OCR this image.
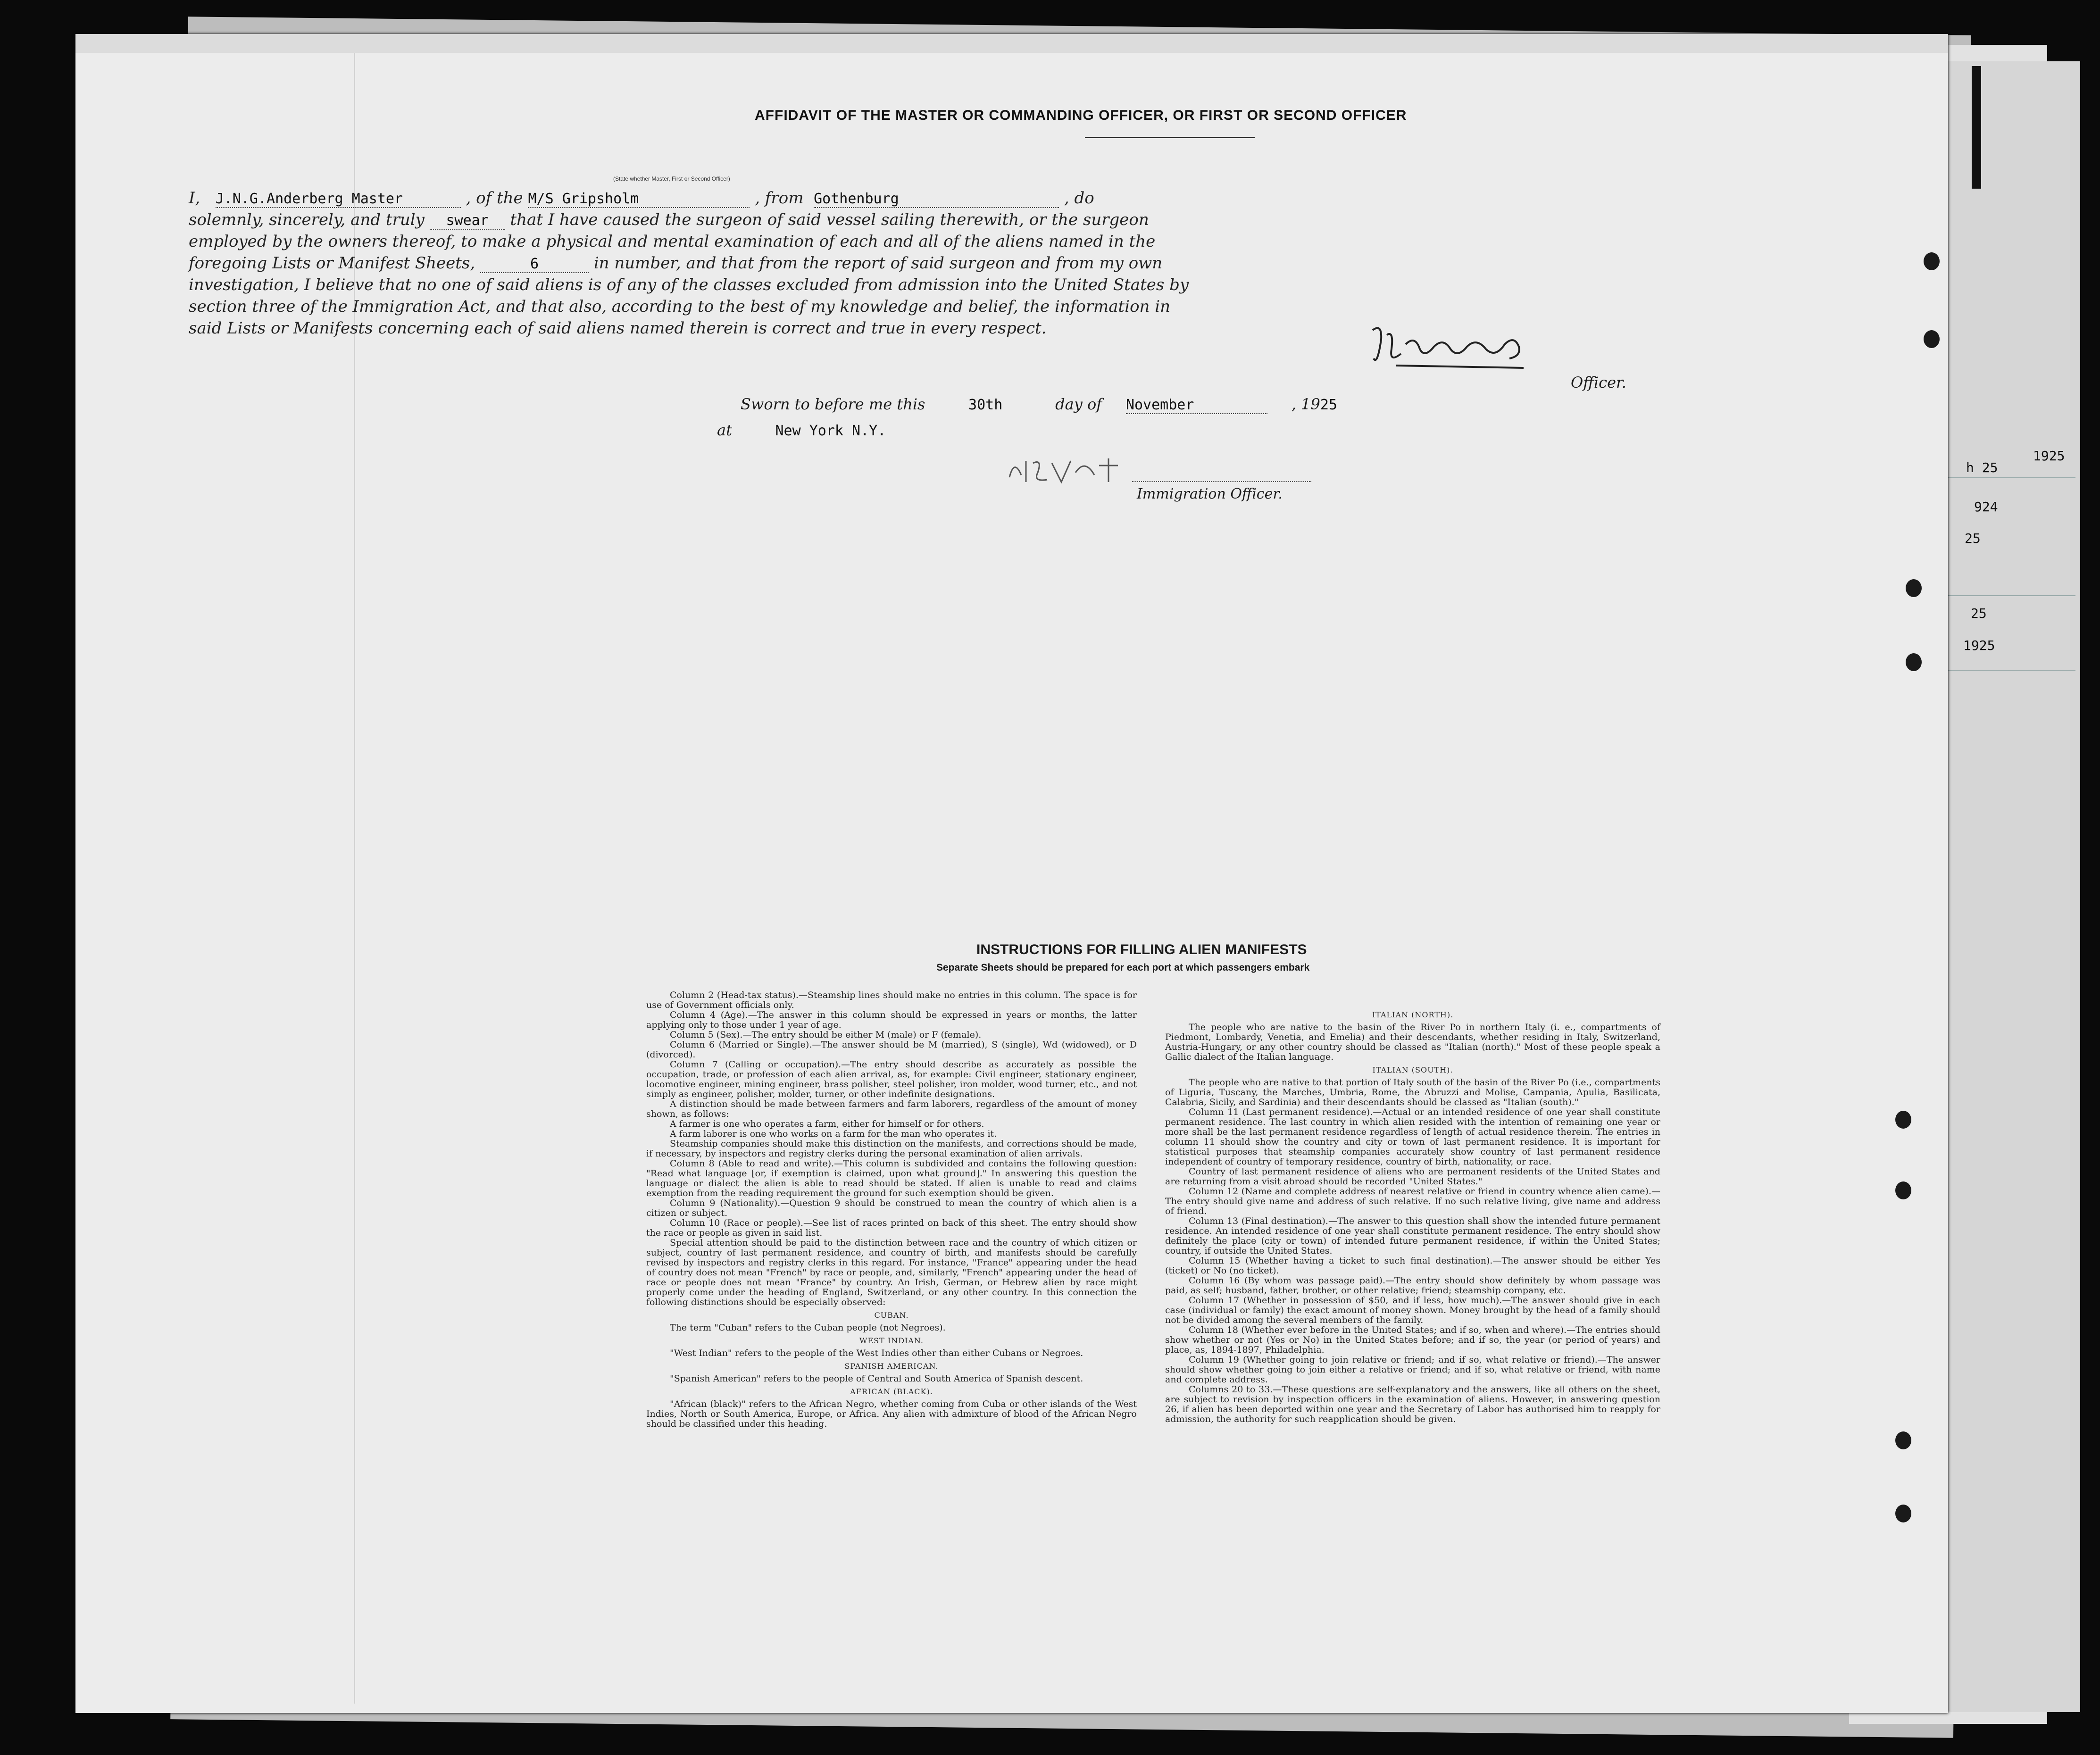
AFFIDAVIT OF THE MASTER OR COMMANDING OFFICER, OR FIRST OR SECOND OFFICER
I, J.N.G.Anderberg Master	, of the M/S Gripsholm	, from Gothenburg	, do
(State whether Master, First or Second Officer)
solemnly, sincerely, and truly swear that I have caused the surgeon of said vessel sailing therewith, or the surgeon
employed by the owners thereof, to make a physical and mental examination of each and all of the aliens named in the
foregoing Lists or Manifest Sheets,	6	in number, and that from the report of said surgeon and from my own
investigation, I believe that no one of said aliens is of any of the classes excluded from admission into the United States by
section three of the Immigration Act, and that also, according to the best of my knowledge and belief, the information in
said Lists or Manifests concerning each of said aliens named therein is correct and true in every respect.
Officer.
Sworn to before me this	30th	day of November	, 1925
at	New York N.Y.
Immigration Officer.
INSTRUCTIONS FOR FILLING ALIEN MANIFESTS
Separate Sheets should be prepared for each port at which passengers embark

Column 2 (Head-tax status).—Steamship lines should make no entries in this column. The space is for use of Government officials only.

Column 4 (Age).—The answer in this column should be expressed in years or months, the latter applying only to those under 1 year of age.

Column 5 (Sex).—The entry should be either M (male) or F (female).

Column 6 (Married or Single).—The answer should be M (married), S (single), Wd (widowed), or D (divorced).

Column 7 (Calling or occupation).—The entry should describe as accurately as possible the occupation, trade, or profession of each alien arrival, as, for example: Civil engineer, stationary engineer, locomotive engineer, mining engineer, brass polisher, steel polisher, iron molder, wood turner, etc., and not simply as engineer, polisher, molder, turner, or other indefinite designations.

A distinction should be made between farmers and farm laborers, regardless of the amount of money shown, as follows:

A farmer is one who operates a farm, either for himself or for others.

A farm laborer is one who works on a farm for the man who operates it.

Steamship companies should make this distinction on the manifests, and corrections should be made, if necessary, by inspectors and registry clerks during the personal examination of alien arrivals.

Column 8 (Able to read and write).—This column is subdivided and contains the following question: "Read what language [or, if exemption is claimed, upon what ground]." In answering this question the language or dialect the alien is able to read should be stated. If alien is unable to read and claims exemption from the reading requirement the ground for such exemption should be given.

Column 9 (Nationality).—Question 9 should be construed to mean the country of which alien is a citizen or subject.

Column 10 (Race or people).—See list of races printed on back of this sheet. The entry should show the race or people as given in said list.

Special attention should be paid to the distinction between race and the country of which citizen or subject, country of last permanent residence, and country of birth, and manifests should be carefully revised by inspectors and registry clerks in this regard. For instance, "France" appearing under the head of country does not mean "French" by race or people, and, similarly, "French" appearing under the head of race or people does not mean "France" by country. An Irish, German, or Hebrew alien by race might properly come under the heading of England, Switzerland, or any other country. In this connection the following distinctions should be especially observed:

CUBAN.

The term "Cuban" refers to the Cuban people (not Negroes).

WEST INDIAN.

"West Indian" refers to the people of the West Indies other than either Cubans or Negroes.

SPANISH AMERICAN.

"Spanish American" refers to the people of Central and South America of Spanish descent.

AFRICAN (BLACK).

"African (black)" refers to the African Negro, whether coming from Cuba or other islands of the West Indies, North or South America, Europe, or Africa. Any alien with admixture of blood of the African Negro should be classified under this heading.

ITALIAN (NORTH).

The people who are native to the basin of the River Po in northern Italy (i. e., compartments of Piedmont, Lombardy, Venetia, and Emelia) and their descendants, whether residing in Italy, Switzerland, Austria-Hungary, or any other country should be classed as "Italian (north)." Most of these people speak a Gallic dialect of the Italian language.

ITALIAN (SOUTH).

The people who are native to that portion of Italy south of the basin of the River Po (i.e., compartments of Liguria, Tuscany, the Marches, Umbria, Rome, the Abruzzi and Molise, Campania, Apulia, Basilicata, Calabria, Sicily, and Sardinia) and their descendants should be classed as "Italian (south)."

Column 11 (Last permanent residence).—Actual or an intended residence of one year shall constitute permanent residence. The last country in which alien resided with the intention of remaining one year or more shall be the last permanent residence regardless of length of actual residence therein. The entries in column 11 should show the country and city or town of last permanent residence. It is important for statistical purposes that steamship companies accurately show country of last permanent residence independent of country of temporary residence, country of birth, nationality, or race.

Country of last permanent residence of aliens who are permanent residents of the United States and are returning from a visit abroad should be recorded "United States."

Column 12 (Name and complete address of nearest relative or friend in country whence alien came).—The entry should give name and address of such relative. If no such relative living, give name and address of friend.

Column 13 (Final destination).—The answer to this question shall show the intended future permanent residence. An intended residence of one year shall constitute permanent residence. The entry should show definitely the place (city or town) of intended future permanent residence, if within the United States; country, if outside the United States.

Column 15 (Whether having a ticket to such final destination).—The answer should be either Yes (ticket) or No (no ticket).

Column 16 (By whom was passage paid).—The entry should show definitely by whom passage was paid, as self; husband, father, brother, or other relative; friend; steamship company, etc.

Column 17 (Whether in possession of $50, and if less, how much).—The answer should give in each case (individual or family) the exact amount of money shown. Money brought by the head of a family should not be divided among the several members of the family.

Column 18 (Whether ever before in the United States; and if so, when and where).—The entries should show whether or not (Yes or No) in the United States before; and if so, the year (or period of years) and place, as, 1894-1897, Philadelphia.

Column 19 (Whether going to join relative or friend; and if so, what relative or friend).—The answer should show whether going to join either a relative or friend; and if so, what relative or friend, with name and complete address.

Columns 20 to 33.—These questions are self-explanatory and the answers, like all others on the sheet, are subject to revision by inspection officers in the examination of aliens. However, in answering question 26, if alien has been deported within one year and the Secretary of Labor has authorised him to reapply for admission, the authority for such reapplication should be given.

1925
h 25
924
25
25
1925
